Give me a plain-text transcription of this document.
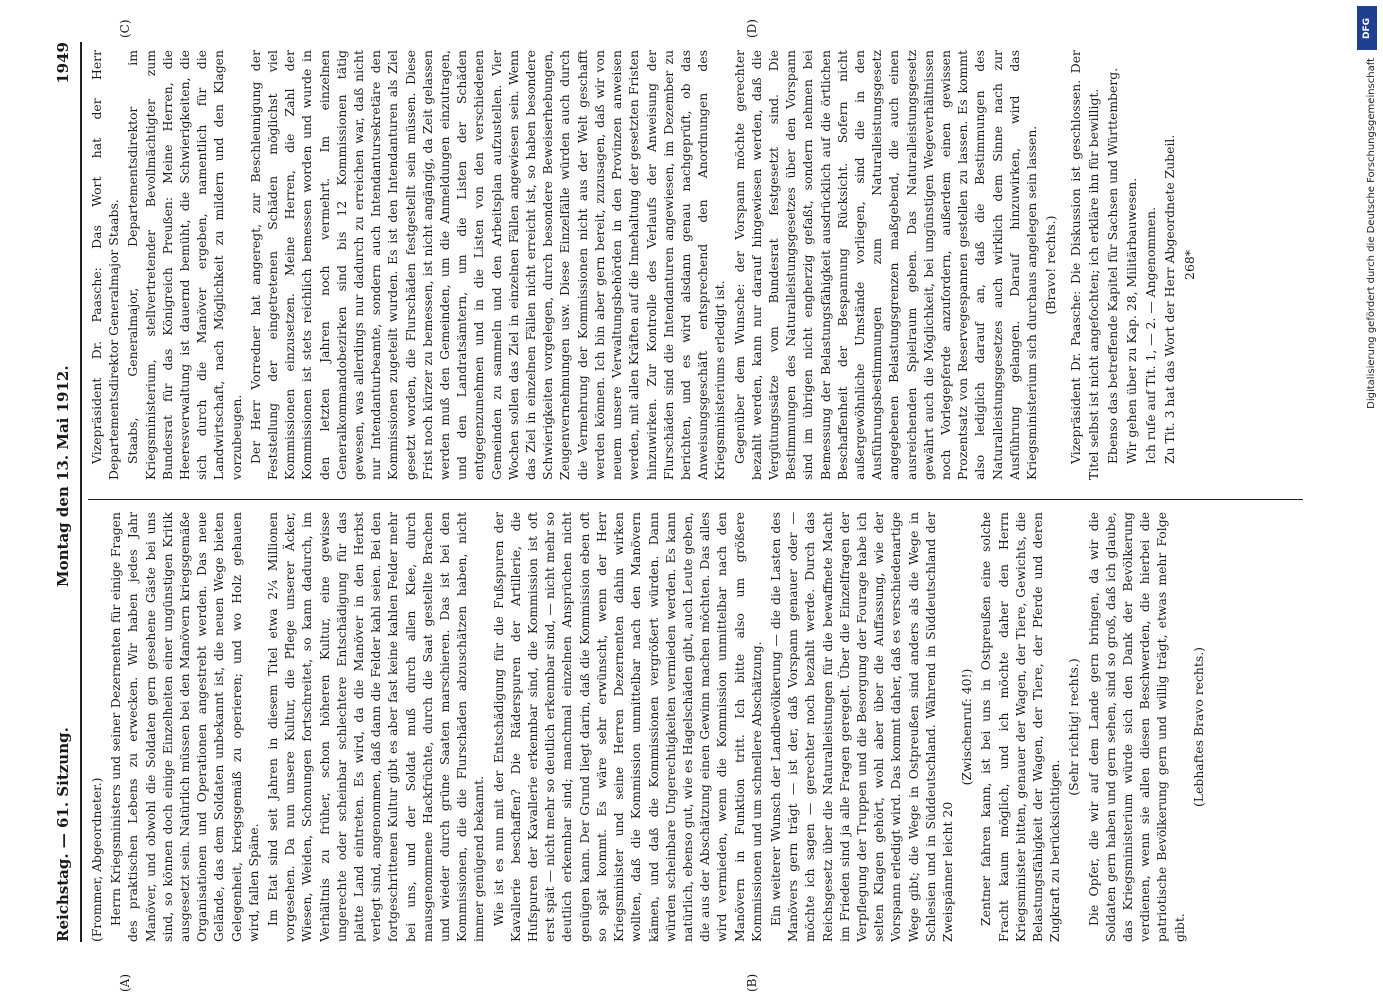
Reichstag. — 61. Sitzung.
Montag den 13. Mai 1912.
1949
(A)	(B)
(C)	(D)

(Frommer, Abgeordneter.) Herrn Kriegsministers und seiner Dezernenten für einige Fragen des praktischen Lebens zu erwecken. Wir haben jedes Jahr Manöver, und obwohl die Soldaten gern gesehene Gäste bei uns sind, so können doch einige Einzelheiten einer ungünstigen Kritik ausgesetzt sein. Natürlich müssen bei den Manövern kriegsgemäße Organisationen und Operationen angestrebt werden. Das neue Gelände, das dem Soldaten unbekannt ist, die neuen Wege bieten Gelegenheit, kriegsgemäß zu operieren; und wo Holz gehauen wird, fallen Späne. Im Etat sind seit Jahren in diesem Titel etwa 2¼ Millionen vorgesehen. Da nun unsere Kultur, die Pflege unserer Äcker, Wiesen, Weiden, Schonungen fortschreitet, so kann dadurch, im Verhältnis zu früher, schon höheren Kultur, eine gewisse ungerechte oder scheinbar schlechtere Entschädigung für das platte Land eintreten. Es wird, da die Manöver in den Herbst verlegt sind, angenommen, daß dann die Felder kahl seien. Bei den fortgeschrittenen Kultur gibt es aber fast keine kahlen Felder mehr bei uns, und der Soldat muß durch allen Klee, durch mausgenommene Hackfrüchte, durch die Saat gestellte Brachen und wieder durch grüne Saaten marschieren. Das ist bei den Kommissionen, die die Flurschäden abzuschätzen haben, nicht immer genügend bekannt. Wie ist es nun mit der Entschädigung für die Fußspuren der Kavallerie beschaffen? Die Räderspuren der Artillerie, die Hufspuren der Kavallerie erkennbar sind, die Kommission ist oft erst spät — nicht mehr so deutlich erkennbar sind, — nicht mehr so deutlich erkennbar sind; manchmal einzelnen Ansprüchen nicht genügen kann. Der Grund liegt darin, daß die Kommission eben oft so spät kommt. Es wäre sehr erwünscht, wenn der Herr Kriegsminister und seine Herren Dezernenten dahin wirken wollten, daß die Kommission unmittelbar nach den Manövern kämen, und daß die Kommissionen vergrößert würden. Dann würden scheinbare Ungerechtigkeiten vermieden werden. Es kann natürlich, ebenso gut, wie es Hagelschäden gibt, auch Leute geben, die aus der Abschätzung einen Gewinn machen möchten. Das alles wird vermieden, wenn die Kommission unmittelbar nach den Manövern in Funktion tritt. Ich bitte also um größere Kommissionen und um schnellere Abschätzung. Ein weiterer Wunsch der Landbevölkerung — die die Lasten des Manövers gern trägt — ist der, daß Vorspann genauer oder — möchte ich sagen — gerechter noch bezahlt werde. Durch das Reichsgesetz über die Naturalleistungen für die bewaffnete Macht im Frieden sind ja alle Fragen geregelt. Über die Einzelfragen der Verpflegung der Truppen und die Besorgung der Fourage habe ich selten Klagen gehört, wohl aber über die Auffassung, wie der Vorspann erledigt wird. Das kommt daher, daß es verschiedenartige Wege gibt; die Wege in Ostpreußen sind anders als die Wege in Schlesien und in Süddeutschland. Während in Süddeutschland der Zweispänner leicht 20

(Zwischenruf: 40!) Zentner fahren kann, ist bei uns in Ostpreußen eine solche Fracht kaum möglich, und ich möchte daher den Herrn Kriegsminister bitten, genauer der Wagen, der Tiere, Gewichts, die Belastungsfähigkeit der Wagen, der Tiere, der Pferde und deren Zugkraft zu berücksichtigen.

(Sehr richtig! rechts.) Die Opfer, die wir auf dem Lande gern bringen, da wir die Soldaten gern haben und gern sehen, sind so groß, daß ich glaube, das Kriegsministerium würde sich den Dank der Bevölkerung verdienen, wenn sie allen diesen Beschwerden, die hierbei die patriotische Bevölkerung gern und willig trägt, etwas mehr Folge gibt.

(Lebhaftes Bravo rechts.)

Vizepräsident Dr. Paasche: Das Wort hat der Herr Departementsdirektor Generalmajor Staabs. Staabs, Generalmajor, Departementsdirektor im Kriegsministerium, stellvertretender Bevollmächtigter zum Bundesrat für das Königreich Preußen: Meine Herren, die Heeresverwaltung ist dauernd bemüht, die Schwierigkeiten, die sich durch die Manöver ergeben, namentlich für die Landwirtschaft, nach Möglichkeit zu mildern und den Klagen vorzubeugen. Der Herr Vorredner hat angeregt, zur Beschleunigung der Feststellung der eingetretenen Schäden möglichst viel Kommissionen einzusetzen. Meine Herren, die Zahl der Kommissionen ist stets reichlich bemessen worden und wurde in den letzten Jahren noch vermehrt. Im einzelnen Generalkommandobezirken sind bis 12 Kommissionen tätig gewesen, was allerdings nur dadurch zu erreichen war, daß nicht nur Intendanturbeamte, sondern auch Intendantursekretäre den Kommissionen zugeteilt wurden. Es ist den Intendanturen als Ziel gesetzt worden, die Flurschäden festgestellt sein müssen. Diese Frist noch kürzer zu bemessen, ist nicht angängig, da Zeit gelassen werden muß den Gemeinden, um die Anmeldungen einzutragen, und den Landratsämtern, um die Listen der Schäden entgegenzunehmen und in die Listen von den verschiedenen Gemeinden zu sammeln und den Arbeitsplan aufzustellen. Vier Wochen sollen das Ziel in einzelnen Fällen angewiesen sein. Wenn das Ziel in einzelnen Fällen nicht erreicht ist, so haben besondere Schwierigkeiten vorgelegen, durch besondere Beweiserhebungen, Zeugenvernehmungen usw. Diese Einzelfälle würden auch durch die Vermehrung der Kommissionen nicht aus der Welt geschafft werden können. Ich bin aber gern bereit, zuzusagen, daß wir von neuem unsere Verwaltungsbehörden in den Provinzen anweisen werden, mit allen Kräften auf die Innehaltung der gesetzten Fristen hinzuwirken. Zur Kontrolle des Verlaufs der Anweisung der Flurschäden sind die Intendanturen angewiesen, im Dezember zu berichten, und es wird alsdann genau nachgeprüft, ob das Anweisungsgeschäft entsprechend den Anordnungen des Kriegsministeriums erledigt ist. Gegenüber dem Wunsche: der Vorspann möchte gerechter bezahlt werden, kann nur darauf hingewiesen werden, daß die Vergütungssätze vom Bundesrat festgesetzt sind. Die Bestimmungen des Naturalleistungsgesetzes über den Vorspann sind im übrigen nicht engherzig gefaßt, sondern nehmen bei Bemessung der Belastungsfähigkeit ausdrücklich auf die örtlichen Beschaffenheit der Bespannung Rücksicht. Sofern nicht außergewöhnliche Umstände vorliegen, sind die in den Ausführungsbestimmungen zum Naturalleistungsgesetz angegebenen Belastungsgrenzen maßgebend, die auch einen ausreichenden Spielraum geben. Das Naturalleistungsgesetz gewährt auch die Möglichkeit, bei ungünstigen Wegeverhältnissen noch Vorlegepferde anzufordern, außerdem einen gewissen Prozentsatz von Reservegespannen gestellen zu lassen. Es kommt also lediglich darauf an, daß die Bestimmungen des Naturalleistungsgesetzes auch wirklich dem Sinne nach zur Ausführung gelangen. Darauf hinzuwirken, wird das Kriegsministerium sich durchaus angelegen sein lassen. (Bravo! rechts.) Vizepräsident Dr. Paasche: Die Diskussion ist geschlossen. Der Titel selbst ist nicht angefochten; ich erkläre ihn für bewilligt. Ebenso das betreffende Kapitel für Sachsen und Württemberg. Wir gehen über zu Kap. 28, Militärbauwesen. Ich rufe auf Tit. 1, — 2. — Angenommen. Zu Tit. 3 hat das Wort der Herr Abgeordnete Zubeil. 268*

DFG
Digitalisierung gefördert durch die Deutsche Forschungsgemeinschaft
